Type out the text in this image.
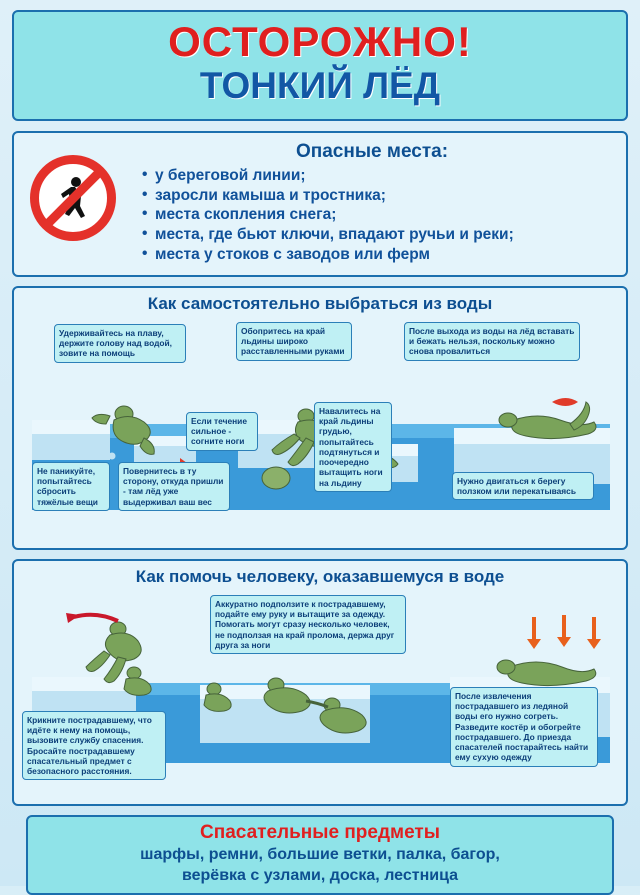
ОСТОРОЖНО!
ТОНКИЙ ЛЁД
Опасные места:
• у береговой линии;
• заросли камыша и тростника;
• места скопления снега;
• места, где бьют ключи, впадают ручьи и реки;
• места у стоков с заводов или ферм
Как самостоятельно выбраться из воды
Удерживайтесь на плаву, держите голову над водой, зовите на помощь
Обопритесь на край льдины широко расставленными руками
После выхода из воды на лёд вставать и бежать нельзя, поскольку можно снова провалиться
Если течение сильное - согните ноги
Навалитесь на край льдины грудью, попытайтесь подтянуться и поочередно вытащить ноги на льдину
Не паникуйте, попытайтесь сбросить тяжёлые вещи
Повернитесь в ту сторону, откуда пришли - там лёд уже выдерживал ваш вес
Нужно двигаться к берегу ползком или перекатываясь
Как помочь человеку, оказавшемуся в воде
Аккуратно подползите к пострадавшему, подайте ему руку и вытащите за одежду. Помогать могут сразу несколько человек, не подползая на край пролома, держа друг друга за ноги
После извлечения пострадавшего из ледяной воды его нужно согреть. Разведите костёр и обогрейте пострадавшего. До приезда спасателей постарайтесь найти ему сухую одежду
Крикните пострадавшему, что идёте к нему на помощь, вызовите службу спасения. Бросайте пострадавшему спасательный предмет с безопасного расстояния.
Спасательные предметы
шарфы, ремни, большие ветки, палка, багор,
верёвка с узлами, доска, лестница
